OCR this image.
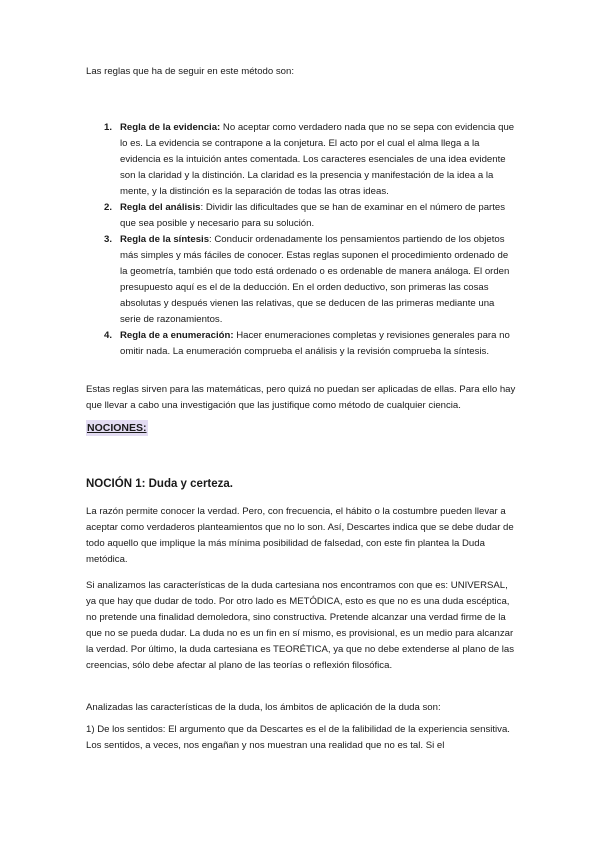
Las reglas que ha de seguir en este método son:

1. Regla de la evidencia: No aceptar como verdadero nada que no se sepa con evidencia que lo es. La evidencia se contrapone a la conjetura. El acto por el cual el alma llega a la evidencia es la intuición antes comentada. Los caracteres esenciales de una idea evidente son la claridad y la distinción. La claridad es la presencia y manifestación de la idea a la mente, y la distinción es la separación de todas las otras ideas.
2. Regla del análisis: Dividir las dificultades que se han de examinar en el número de partes que sea posible y necesario para su solución.
3. Regla de la síntesis: Conducir ordenadamente los pensamientos partiendo de los objetos más simples y más fáciles de conocer. Estas reglas suponen el procedimiento ordenado de la geometría, también que todo está ordenado o es ordenable de manera análoga. El orden presupuesto aquí es el de la deducción. En el orden deductivo, son primeras las cosas absolutas y después vienen las relativas, que se deducen de las primeras mediante una serie de razonamientos.
4. Regla de a enumeración: Hacer enumeraciones completas y revisiones generales para no omitir nada. La enumeración comprueba el análisis y la revisión comprueba la síntesis.

Estas reglas sirven para las matemáticas, pero quizá no puedan ser aplicadas de ellas. Para ello hay que llevar a cabo una investigación que las justifique como método de cualquier ciencia.

NOCIONES:

NOCIÓN 1: Duda y certeza.

La razón permite conocer la verdad. Pero, con frecuencia, el hábito o la costumbre pueden llevar a aceptar como verdaderos planteamientos que no lo son. Así, Descartes indica que se debe dudar de todo aquello que implique la más mínima posibilidad de falsedad, con este fin plantea la Duda metódica.

Si analizamos las características de la duda cartesiana nos encontramos con que es: UNIVERSAL, ya que hay que dudar de todo. Por otro lado es METÓDICA, esto es que no es una duda escéptica, no pretende una finalidad demoledora, sino constructiva. Pretende alcanzar una verdad firme de la que no se pueda dudar. La duda no es un fin en sí mismo, es provisional, es un medio para alcanzar la verdad. Por último, la duda cartesiana es TEORÉTICA, ya que no debe extenderse al plano de las creencias, sólo debe afectar al plano de las teorías o reflexión filosófica.

Analizadas las características de la duda, los ámbitos de aplicación de la duda son:

1) De los sentidos: El argumento que da Descartes es el de la falibilidad de la experiencia sensitiva. Los sentidos, a veces, nos engañan y nos muestran una realidad que no es tal. Si el
